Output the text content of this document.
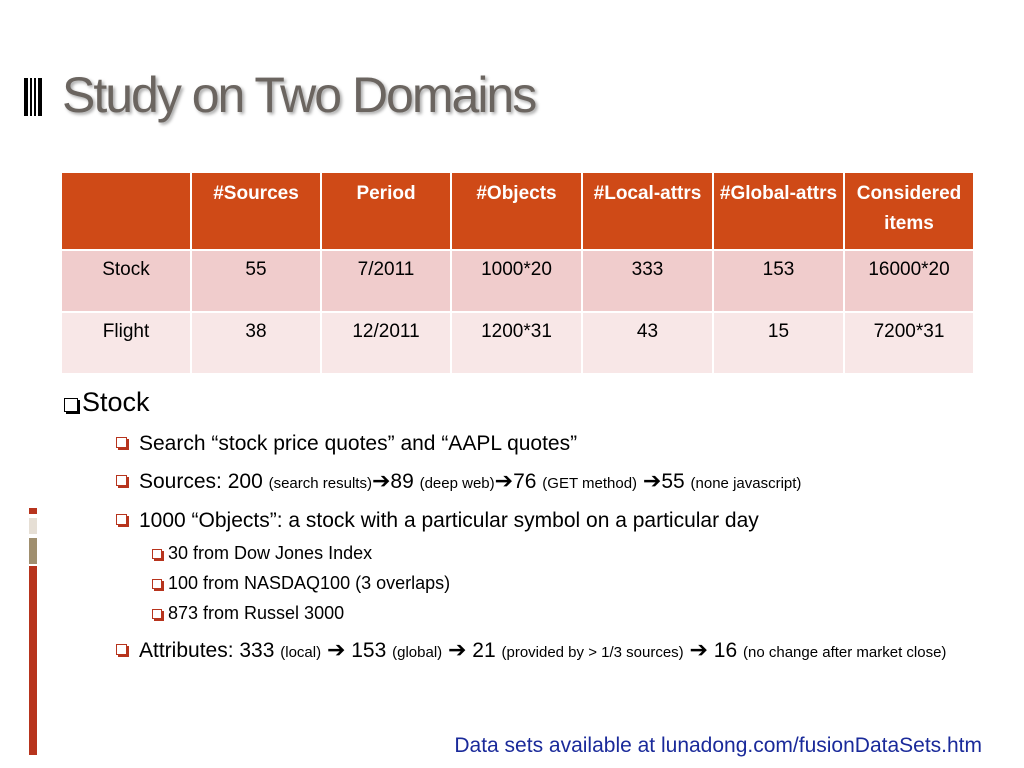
Study on Two Domains
	#Sources	Period	#Objects	#Local-attrs	#Global-attrs	Considered items
Stock	55	7/2011	1000*20	333	153	16000*20
Flight	38	12/2011	1200*31	43	15	7200*31
Stock
Search “stock price quotes” and “AAPL quotes”
Sources: 200 (search results)➔89 (deep web)➔76 (GET method) ➔55 (none javascript)
1000 “Objects”: a stock with a particular symbol on a particular day
30 from Dow Jones Index
100 from NASDAQ100 (3 overlaps)
873 from Russel 3000
Attributes: 333 (local) ➔ 153 (global) ➔ 21 (provided by > 1/3 sources) ➔ 16 (no change after market close)
Data sets available at lunadong.com/fusionDataSets.htm
